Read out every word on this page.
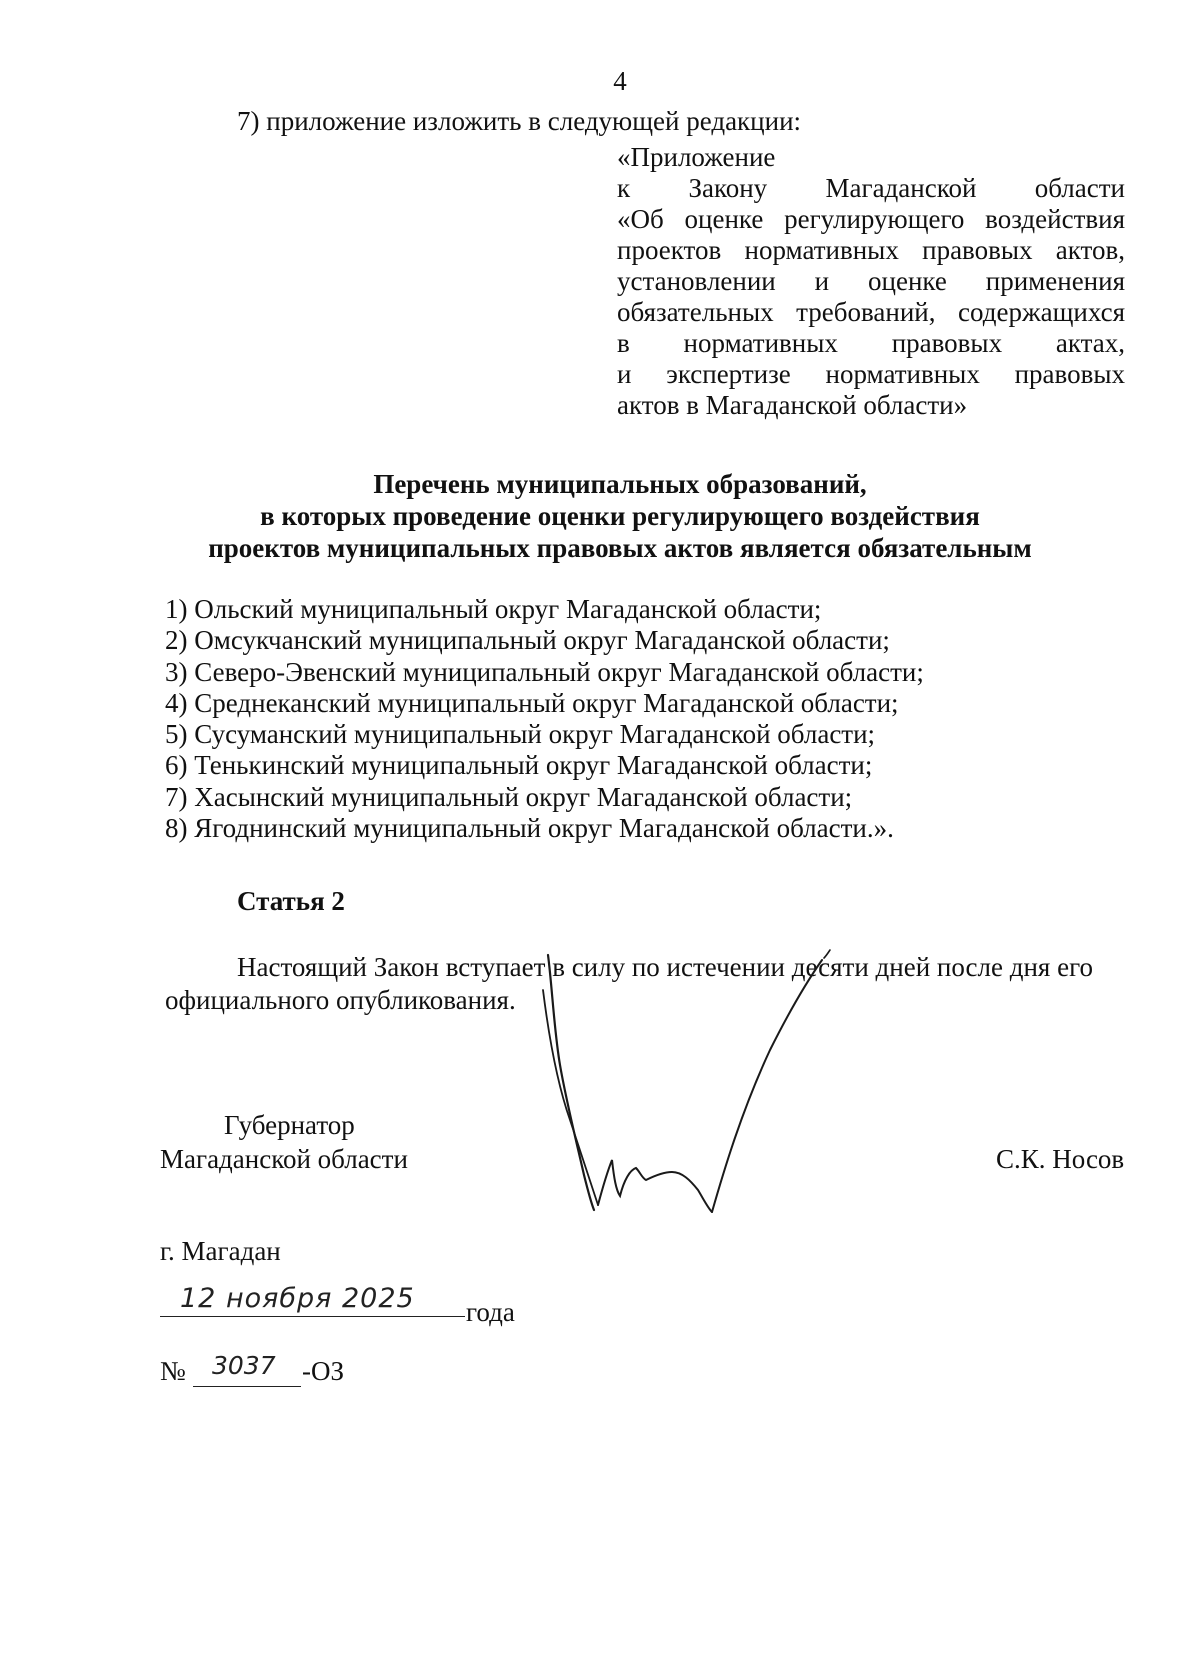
4
7) приложение изложить в следующей редакции:
«Приложение
к Закону Магаданской области
«Об оценке регулирующего воздействия
проектов нормативных правовых актов,
установлении и оценке применения
обязательных требований, содержащихся
в нормативных правовых актах,
и экспертизе нормативных правовых
актов в Магаданской области»
Перечень муниципальных образований,
в которых проведение оценки регулирующего воздействия
проектов муниципальных правовых актов является обязательным
1) Ольский муниципальный округ Магаданской области;
2) Омсукчанский муниципальный округ Магаданской области;
3) Северо-Эвенский муниципальный округ Магаданской области;
4) Среднеканский муниципальный округ Магаданской области;
5) Сусуманский муниципальный округ Магаданской области;
6) Тенькинский муниципальный округ Магаданской области;
7) Хасынский муниципальный округ Магаданской области;
8) Ягоднинский муниципальный округ Магаданской области.».
Статья 2
Настоящий Закон вступает в силу по истечении десяти дней после дня его
официального опубликования.
Губернатор
Магаданской области	С.К. Носов
г. Магадан
12 ноября 2025 года
№ 3037 -ОЗ
